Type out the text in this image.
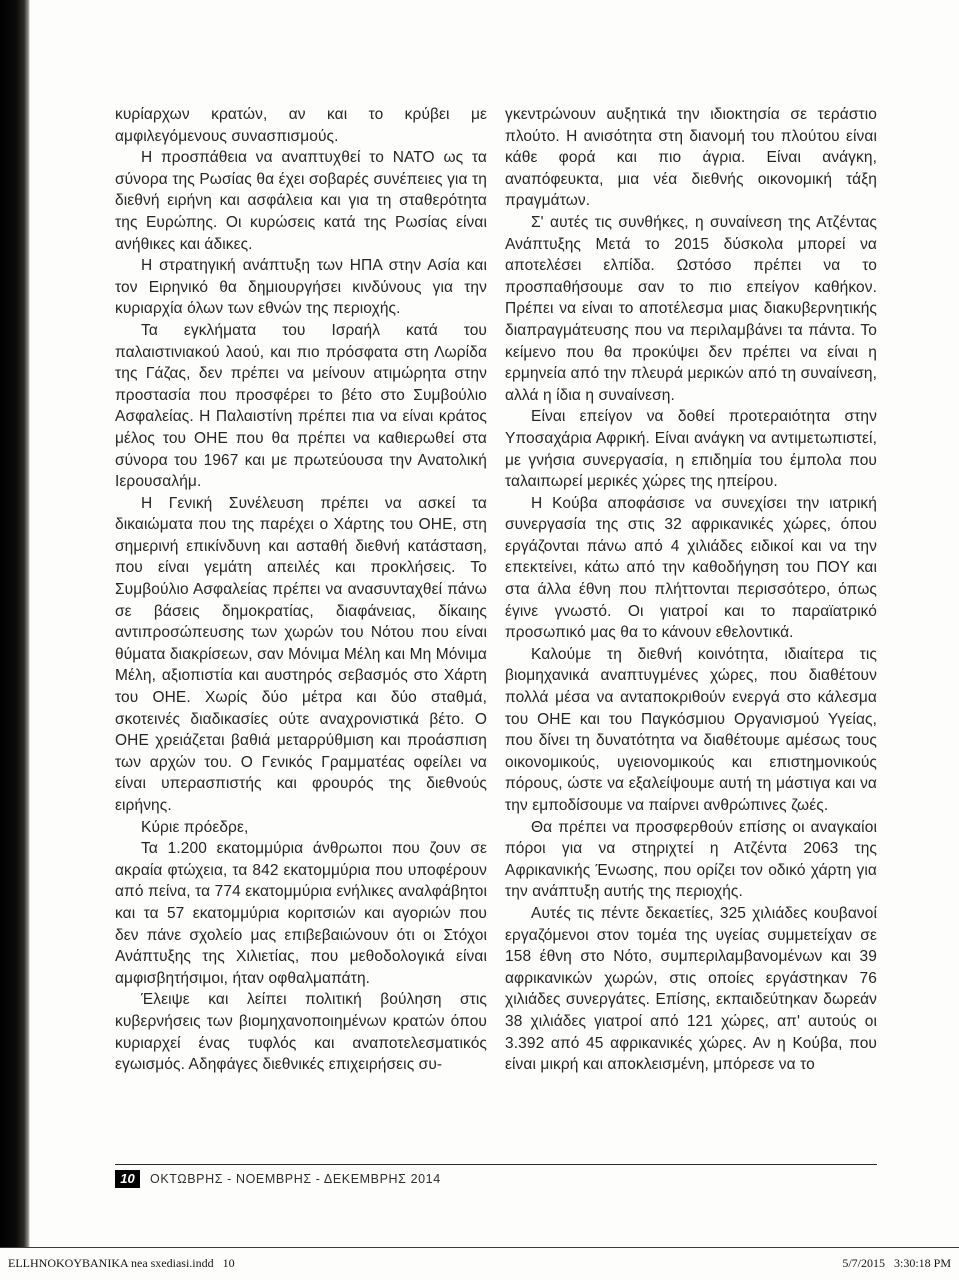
κυρίαρχων κρατών, αν και το κρύβει με αμφιλεγόμενους συνασπισμούς.

Η προσπάθεια να αναπτυχθεί το ΝΑΤΟ ως τα σύνορα της Ρωσίας θα έχει σοβαρές συνέπειες για τη διεθνή ειρήνη και ασφάλεια και για τη σταθερότητα της Ευρώπης. Οι κυρώσεις κατά της Ρωσίας είναι ανήθικες και άδικες.

Η στρατηγική ανάπτυξη των ΗΠΑ στην Ασία και τον Ειρηνικό θα δημιουργήσει κινδύνους για την κυριαρχία όλων των εθνών της περιοχής.

Τα εγκλήματα του Ισραήλ κατά του παλαιστινιακού λαού, και πιο πρόσφατα στη Λωρίδα της Γάζας, δεν πρέπει να μείνουν ατιμώρητα στην προστασία που προσφέρει το βέτο στο Συμβούλιο Ασφαλείας. Η Παλαιστίνη πρέπει πια να είναι κράτος μέλος του ΟΗΕ που θα πρέπει να καθιερωθεί στα σύνορα του 1967 και με πρωτεύουσα την Ανατολική Ιερουσαλήμ.

Η Γενική Συνέλευση πρέπει να ασκεί τα δικαιώματα που της παρέχει ο Χάρτης του ΟΗΕ, στη σημερινή επικίνδυνη και ασταθή διεθνή κατάσταση, που είναι γεμάτη απειλές και προκλήσεις. Το Συμβούλιο Ασφαλείας πρέπει να ανασυνταχθεί πάνω σε βάσεις δημοκρατίας, διαφάνειας, δίκαιης αντιπροσώπευσης των χωρών του Νότου που είναι θύματα διακρίσεων, σαν Μόνιμα Μέλη και Μη Μόνιμα Μέλη, αξιοπιστία και αυστηρός σεβασμός στο Χάρτη του ΟΗΕ. Χωρίς δύο μέτρα και δύο σταθμά, σκοτεινές διαδικασίες ούτε αναχρονιστικά βέτο. Ο ΟΗΕ χρειάζεται βαθιά μεταρρύθμιση και προάσπιση των αρχών του. Ο Γενικός Γραμματέας οφείλει να είναι υπερασπιστής και φρουρός της διεθνούς ειρήνης.

Κύριε πρόεδρε,

Τα 1.200 εκατομμύρια άνθρωποι που ζουν σε ακραία φτώχεια, τα 842 εκατομμύρια που υποφέρουν από πείνα, τα 774 εκατομμύρια ενήλικες αναλφάβητοι και τα 57 εκατομμύρια κοριτσιών και αγοριών που δεν πάνε σχολείο μας επιβεβαιώνουν ότι οι Στόχοι Ανάπτυξης της Χιλιετίας, που μεθοδολογικά είναι αμφισβητήσιμοι, ήταν οφθαλμαπάτη.

Έλειψε και λείπει πολιτική βούληση στις κυβερνήσεις των βιομηχανοποιημένων κρατών όπου κυριαρχεί ένας τυφλός και αναποτελεσματικός εγωισμός. Αδηφάγες διεθνικές επιχειρήσεις συ-

γκεντρώνουν αυξητικά την ιδιοκτησία σε τεράστιο πλούτο. Η ανισότητα στη διανομή του πλούτου είναι κάθε φορά και πιο άγρια. Είναι ανάγκη, αναπόφευκτα, μια νέα διεθνής οικονομική τάξη πραγμάτων.

Σ' αυτές τις συνθήκες, η συναίνεση της Ατζέντας Ανάπτυξης Μετά το 2015 δύσκολα μπορεί να αποτελέσει ελπίδα. Ωστόσο πρέπει να το προσπαθήσουμε σαν το πιο επείγον καθήκον. Πρέπει να είναι το αποτέλεσμα μιας διακυβερνητικής διαπραγμάτευσης που να περιλαμβάνει τα πάντα. Το κείμενο που θα προκύψει δεν πρέπει να είναι η ερμηνεία από την πλευρά μερικών από τη συναίνεση, αλλά η ίδια η συναίνεση.

Είναι επείγον να δοθεί προτεραιότητα στην Υποσαχάρια Αφρική. Είναι ανάγκη να αντιμετωπιστεί, με γνήσια συνεργασία, η επιδημία του έμπολα που ταλαιπωρεί μερικές χώρες της ηπείρου.

Η Κούβα αποφάσισε να συνεχίσει την ιατρική συνεργασία της στις 32 αφρικανικές χώρες, όπου εργάζονται πάνω από 4 χιλιάδες ειδικοί και να την επεκτείνει, κάτω από την καθοδήγηση του ΠΟΥ και στα άλλα έθνη που πλήττονται περισσότερο, όπως έγινε γνωστό. Οι γιατροί και το παραϊατρικό προσωπικό μας θα το κάνουν εθελοντικά.

Καλούμε τη διεθνή κοινότητα, ιδιαίτερα τις βιομηχανικά αναπτυγμένες χώρες, που διαθέτουν πολλά μέσα να ανταποκριθούν ενεργά στο κάλεσμα του ΟΗΕ και του Παγκόσμιου Οργανισμού Υγείας, που δίνει τη δυνατότητα να διαθέτουμε αμέσως τους οικονομικούς, υγειονομικούς και επιστημονικούς πόρους, ώστε να εξαλείψουμε αυτή τη μάστιγα και να την εμποδίσουμε να παίρνει ανθρώπινες ζωές.

Θα πρέπει να προσφερθούν επίσης οι αναγκαίοι πόροι για να στηριχτεί η Ατζέντα 2063 της Αφρικανικής Ένωσης, που ορίζει τον οδικό χάρτη για την ανάπτυξη αυτής της περιοχής.

Αυτές τις πέντε δεκαετίες, 325 χιλιάδες κουβανοί εργαζόμενοι στον τομέα της υγείας συμμετείχαν σε 158 έθνη στο Νότο, συμπεριλαμβανομένων και 39 αφρικανικών χωρών, στις οποίες εργάστηκαν 76 χιλιάδες συνεργάτες. Επίσης, εκπαιδεύτηκαν δωρεάν 38 χιλιάδες γιατροί από 121 χώρες, απ' αυτούς οι 3.392 από 45 αφρικανικές χώρες. Αν η Κούβα, που είναι μικρή και αποκλεισμένη, μπόρεσε να το

10	ΟΚΤΩΒΡΗΣ - ΝΟΕΜΒΡΗΣ - ΔΕΚΕΜΒΡΗΣ 2014
ELLHNOKOYBANIKA nea sxediasi.indd   10	5/7/2015   3:30:18 PM
